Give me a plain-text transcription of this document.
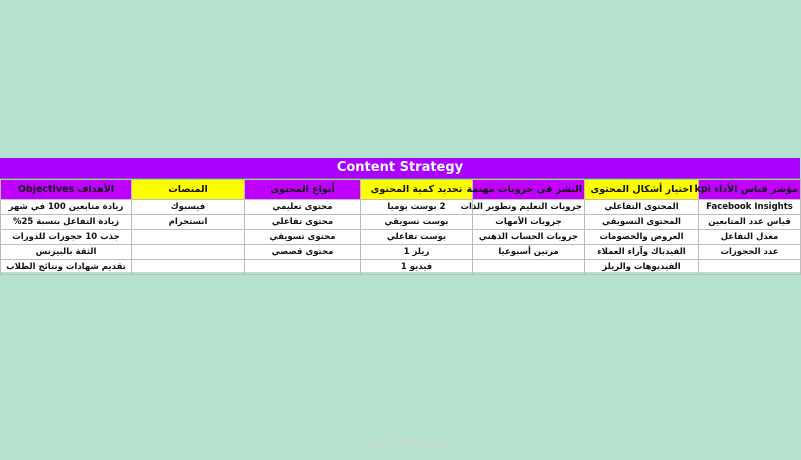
Content Strategy
مؤشر قياس الأداء kpi	اختيار أشكال المحتوى	النشر في جروبات مهتمة	تحديد كمية المحتوى	أنواع المحتوى	المنصات	الأهداف Objectives
Facebook Insights	المحتوى التفاعلي	جروبات التعليم وتطوير الذات	2 بوست يوميا	محتوى تعليمي	فيسبوك	زيادة متابعين 100 في شهر
قياس عدد المتابعين	المحتوى التسويقي	جروبات الأمهات	بوست تسويقي	محتوى تفاعلي	انستجرام	زيادة التفاعل بنسبة 25%
معدل التفاعل	العروض والخصومات	جروبات الحساب الذهني	بوست تفاعلي	محتوى تسويقي		جذب 10 حجوزات للدورات
عدد الحجوزات	الفيدباك وآراء العملاء	مرتين أسبوعيا	ريلز 1	محتوى قصصي		الثقة بالبيزنس
	الفيديوهات والريلز		فيديو 1			تقديم شهادات ونتائج الطلاب
خمسات
